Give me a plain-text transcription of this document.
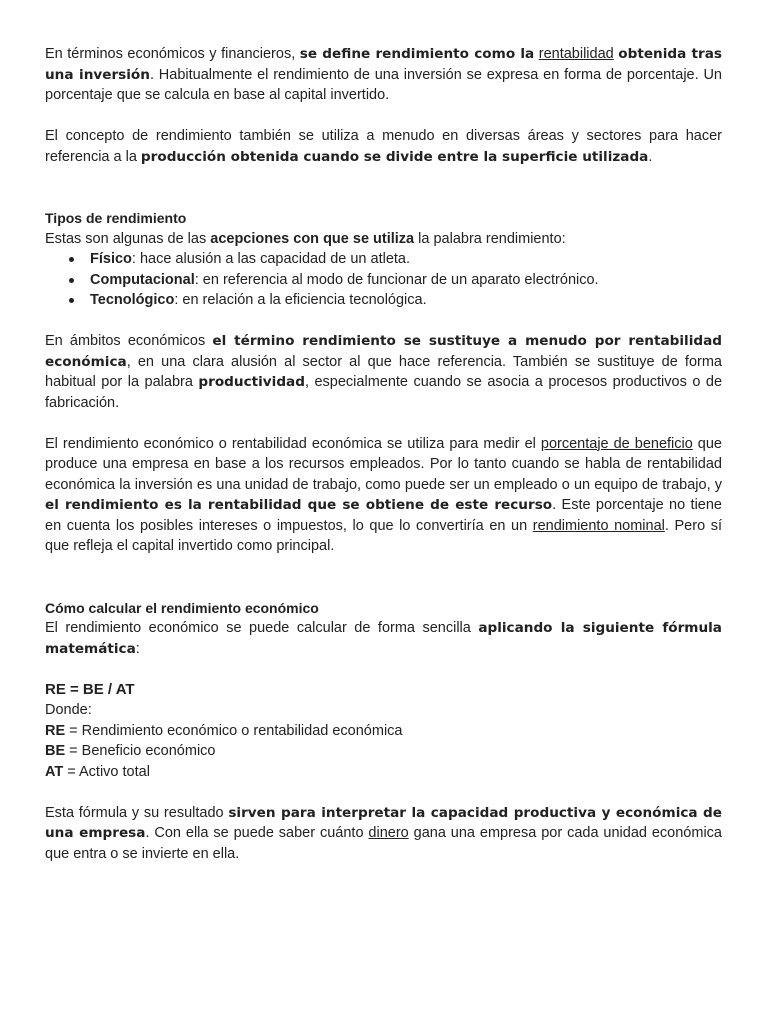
En términos económicos y financieros, se define rendimiento como la rentabilidad obtenida tras una inversión. Habitualmente el rendimiento de una inversión se expresa en forma de porcentaje. Un porcentaje que se calcula en base al capital invertido.

El concepto de rendimiento también se utiliza a menudo en diversas áreas y sectores para hacer referencia a la producción obtenida cuando se divide entre la superficie utilizada.

Tipos de rendimiento

Estas son algunas de las acepciones con que se utiliza la palabra rendimiento:

Físico: hace alusión a las capacidad de un atleta.
Computacional: en referencia al modo de funcionar de un aparato electrónico.
Tecnológico: en relación a la eficiencia tecnológica.

En ámbitos económicos el término rendimiento se sustituye a menudo por rentabilidad económica, en una clara alusión al sector al que hace referencia. También se sustituye de forma habitual por la palabra productividad, especialmente cuando se asocia a procesos productivos o de fabricación.

El rendimiento económico o rentabilidad económica se utiliza para medir el porcentaje de beneficio que produce una empresa en base a los recursos empleados. Por lo tanto cuando se habla de rentabilidad económica la inversión es una unidad de trabajo, como puede ser un empleado o un equipo de trabajo, y el rendimiento es la rentabilidad que se obtiene de este recurso. Este porcentaje no tiene en cuenta los posibles intereses o impuestos, lo que lo convertiría en un rendimiento nominal. Pero sí que refleja el capital invertido como principal.

Cómo calcular el rendimiento económico

El rendimiento económico se puede calcular de forma sencilla aplicando la siguiente fórmula matemática:

RE = BE / AT
Donde:
RE = Rendimiento económico o rentabilidad económica
BE = Beneficio económico
AT = Activo total

Esta fórmula y su resultado sirven para interpretar la capacidad productiva y económica de una empresa. Con ella se puede saber cuánto dinero gana una empresa por cada unidad económica que entra o se invierte en ella.
